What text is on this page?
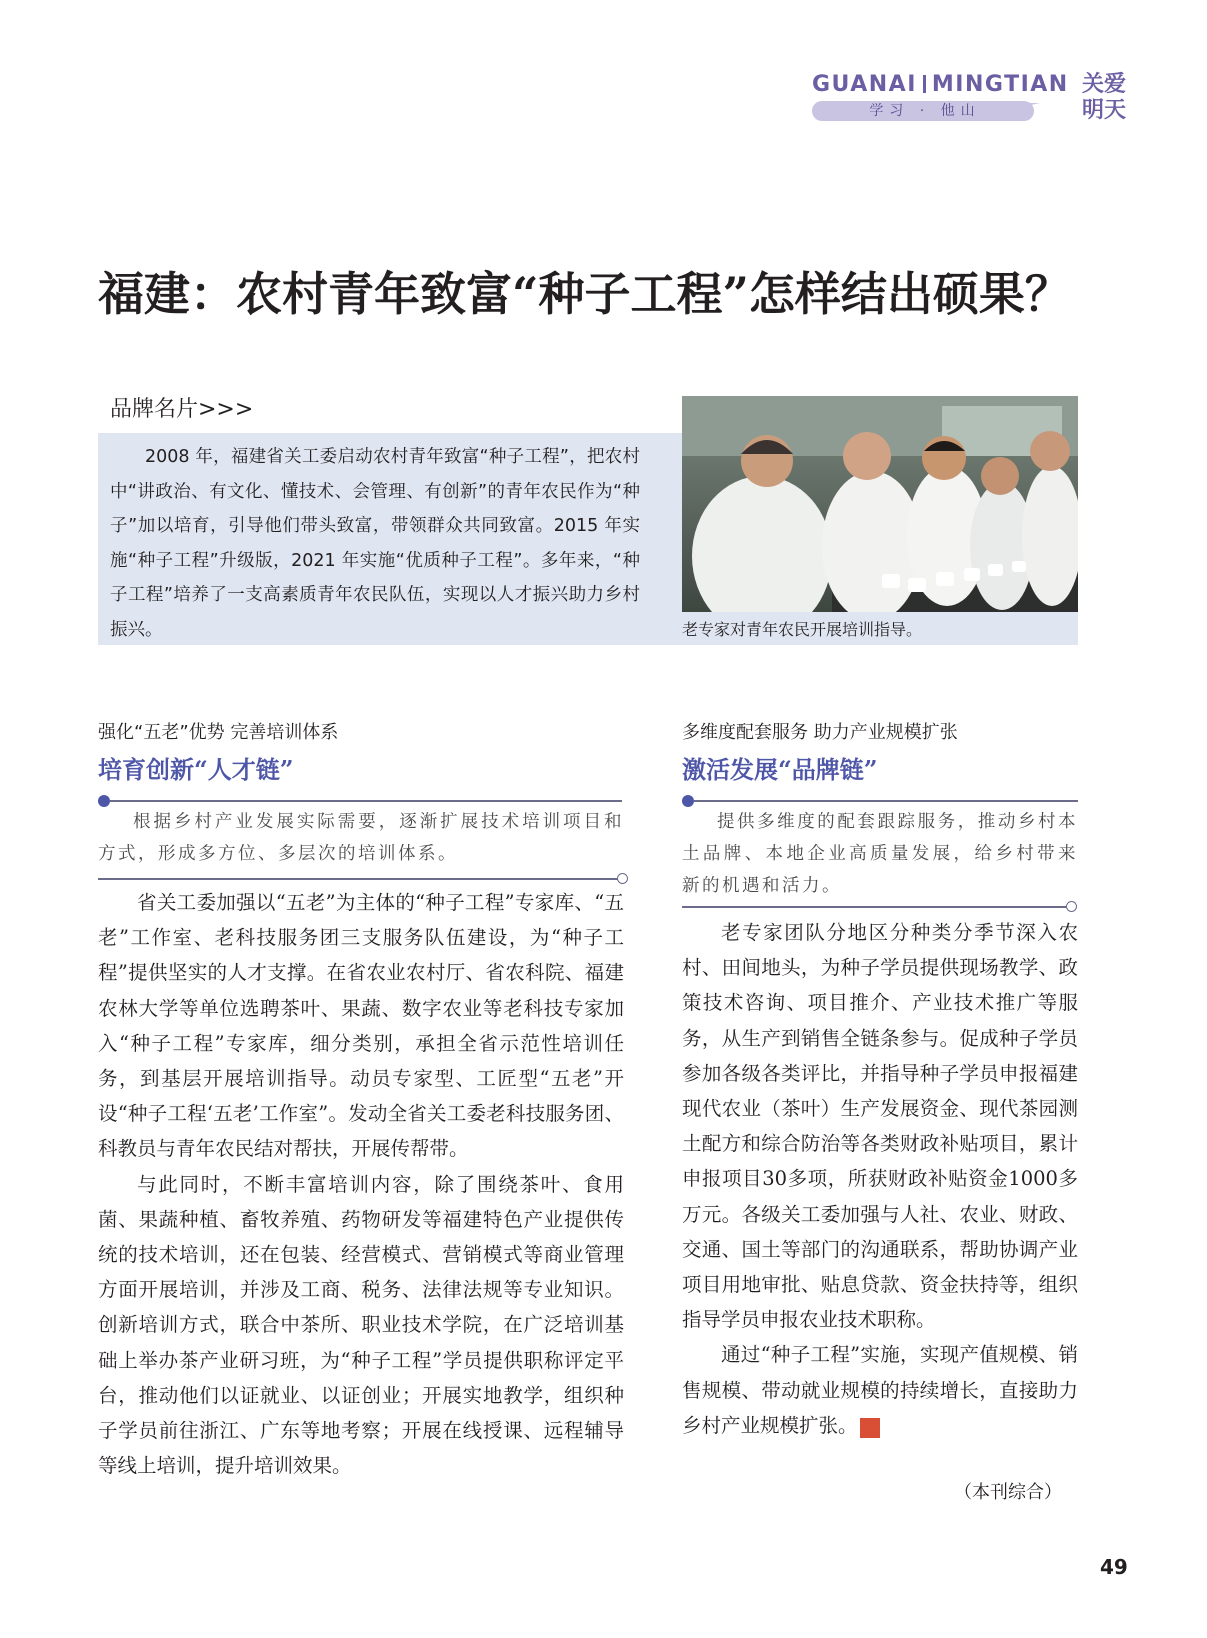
GUANAI MINGTIAN
学习 · 他山
关爱
明天
福建：农村青年致富“种子工程”怎样结出硕果？
品牌名片>>>
2008 年，福建省关工委启动农村青年致富“种子工程”，把农村中“讲政治、有文化、懂技术、会管理、有创新”的青年农民作为“种子”加以培育，引导他们带头致富，带领群众共同致富。2015 年实施“种子工程”升级版，2021 年实施“优质种子工程”。多年来，“种子工程”培养了一支高素质青年农民队伍，实现以人才振兴助力乡村振兴。	老专家对青年农民开展培训指导。
强化“五老”优势 完善培训体系
培育创新“人才链”
根据乡村产业发展实际需要，逐渐扩展技术培训项目和方式，形成多方位、多层次的培训体系。

省关工委加强以“五老”为主体的“种子工程”专家库、“五老”工作室、老科技服务团三支服务队伍建设，为“种子工程”提供坚实的人才支撑。在省农业农村厅、省农科院、福建农林大学等单位选聘茶叶、果蔬、数字农业等老科技专家加入“种子工程”专家库，细分类别，承担全省示范性培训任务，到基层开展培训指导。动员专家型、工匠型“五老”开设“种子工程‘五老’工作室”。发动全省关工委老科技服务团、科教员与青年农民结对帮扶，开展传帮带。

与此同时，不断丰富培训内容，除了围绕茶叶、食用菌、果蔬种植、畜牧养殖、药物研发等福建特色产业提供传统的技术培训，还在包装、经营模式、营销模式等商业管理方面开展培训，并涉及工商、税务、法律法规等专业知识。创新培训方式，联合中茶所、职业技术学院，在广泛培训基础上举办茶产业研习班，为“种子工程”学员提供职称评定平台，推动他们以证就业、以证创业；开展实地教学，组织种子学员前往浙江、广东等地考察；开展在线授课、远程辅导等线上培训，提升培训效果。

多维度配套服务 助力产业规模扩张
激活发展“品牌链”
提供多维度的配套跟踪服务，推动乡村本土品牌、本地企业高质量发展，给乡村带来新的机遇和活力。

老专家团队分地区分种类分季节深入农村、田间地头，为种子学员提供现场教学、政策技术咨询、项目推介、产业技术推广等服务，从生产到销售全链条参与。促成种子学员参加各级各类评比，并指导种子学员申报福建现代农业（茶叶）生产发展资金、现代茶园测土配方和综合防治等各类财政补贴项目，累计申报项目30多项，所获财政补贴资金1000多万元。各级关工委加强与人社、农业、财政、交通、国土等部门的沟通联系，帮助协调产业项目用地审批、贴息贷款、资金扶持等，组织指导学员申报农业技术职称。

通过“种子工程”实施，实现产值规模、销售规模、带动就业规模的持续增长，直接助力乡村产业规模扩张。	关

（本刊综合）
49
